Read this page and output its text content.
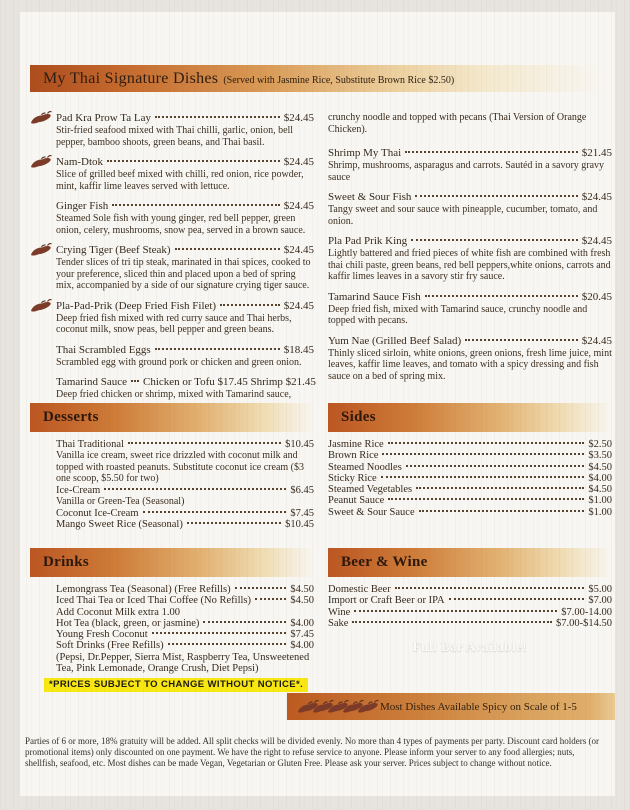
My Thai Signature Dishes (Served with Jasmine Rice, Substitute Brown Rice $2.50)
Pad Kra Prow Ta Lay	$24.45
Stir-fried seafood mixed with Thai chilli, garlic, onion, bell pepper, bamboo shoots, green beans, and Thai basil.
Nam-Dtok	$24.45
Slice of grilled beef mixed with chilli, red onion, rice powder, mint, kaffir lime leaves served with lettuce.
Ginger Fish	$24.45
Steamed Sole fish with young ginger, red bell pepper, green onion, celery, mushrooms, snow pea, served in a brown sauce.
Crying Tiger (Beef Steak)	$24.45
Tender slices of tri tip steak, marinated in thai spices, cooked to your preference, sliced thin and placed upon a bed of spring mix, accompanied by a side of our signature crying tiger sauce.
Pla-Pad-Prik (Deep Fried Fish Filet)	$24.45
Deep fried fish mixed with red curry sauce and Thai herbs, coconut milk, snow peas, bell pepper and green beans.
Thai Scrambled Eggs	$18.45
Scrambled egg with ground pork or chicken and green onion.
Tamarind Sauce Chicken or Tofu $17.45 Shrimp $21.45
Deep fried chicken or shrimp, mixed with Tamarind sauce,
crunchy noodle and topped with pecans (Thai Version of Orange Chicken).
Shrimp My Thai	$21.45
Shrimp, mushrooms, asparagus and carrots. Sautéd in a savory gravy sauce
Sweet & Sour Fish	$24.45
Tangy sweet and sour sauce with pineapple, cucumber, tomato, and onion.
Pla Pad Prik King	$24.45
Lightly battered and fried pieces of white fish are combined with fresh thai chili paste, green beans, red bell peppers,white onions, carrots and kaffir limes leaves in a savory stir fry sauce.
Tamarind Sauce Fish	$20.45
Deep fried fish, mixed with Tamarind sauce, crunchy noodle and topped with pecans.
Yum Nae (Grilled Beef Salad)	$24.45
Thinly sliced sirloin, white onions, green onions, fresh lime juice, mint leaves, kaffir lime leaves, and tomato with a spicy dressing and fish sauce on a bed of spring mix.
Desserts
Thai Traditional	$10.45
Vanilla ice cream, sweet rice drizzled with coconut milk and topped with roasted peanuts. Substitute coconut ice cream ($3 one scoop, $5.50 for two)
Ice-Cream	$6.45
Vanilla or Green-Tea (Seasonal)
Coconut Ice-Cream	$7.45
Mango Sweet Rice (Seasonal)	$10.45
Sides
Jasmine Rice	$2.50
Brown Rice	$3.50
Steamed Noodles	$4.50
Sticky Rice	$4.00
Steamed Vegetables	$4.50
Peanut Sauce	$1.00
Sweet & Sour Sauce	$1.00
Drinks
Lemongrass Tea (Seasonal) (Free Refills)	$4.50
Iced Thai Tea or Iced Thai Coffee (No Refills)	$4.50
Add Coconut Milk extra 1.00
Hot Tea (black, green, or jasmine)	$4.00
Young Fresh Coconut	$7.45
Soft Drinks (Free Refills)	$4.00
(Pepsi, Dr.Pepper, Sierra Mist, Raspberry Tea, Unsweetened Tea, Pink Lemonade, Orange Crush, Diet Pepsi)
*PRICES SUBJECT TO CHANGE WITHOUT NOTICE*.
Beer & Wine
Domestic Beer	$5.00
Import or Craft Beer or IPA	$7.00
Wine	$7.00-14.00
Sake	$7.00-$14.50
Full Bar Available!
Most Dishes Available Spicy on Scale of 1-5
Parties of 6 or more, 18% gratuity will be added. All split checks will be divided evenly. No more than 4 types of payments per party. Discount card holders (or promotional items) only discounted on one payment. We have the right to refuse service to anyone. Please inform your server to any food allergies; nuts, shellfish, seafood, etc. Most dishes can be made Vegan, Vegetarian or Gluten Free. Please ask your server. Prices subject to change without notice.
